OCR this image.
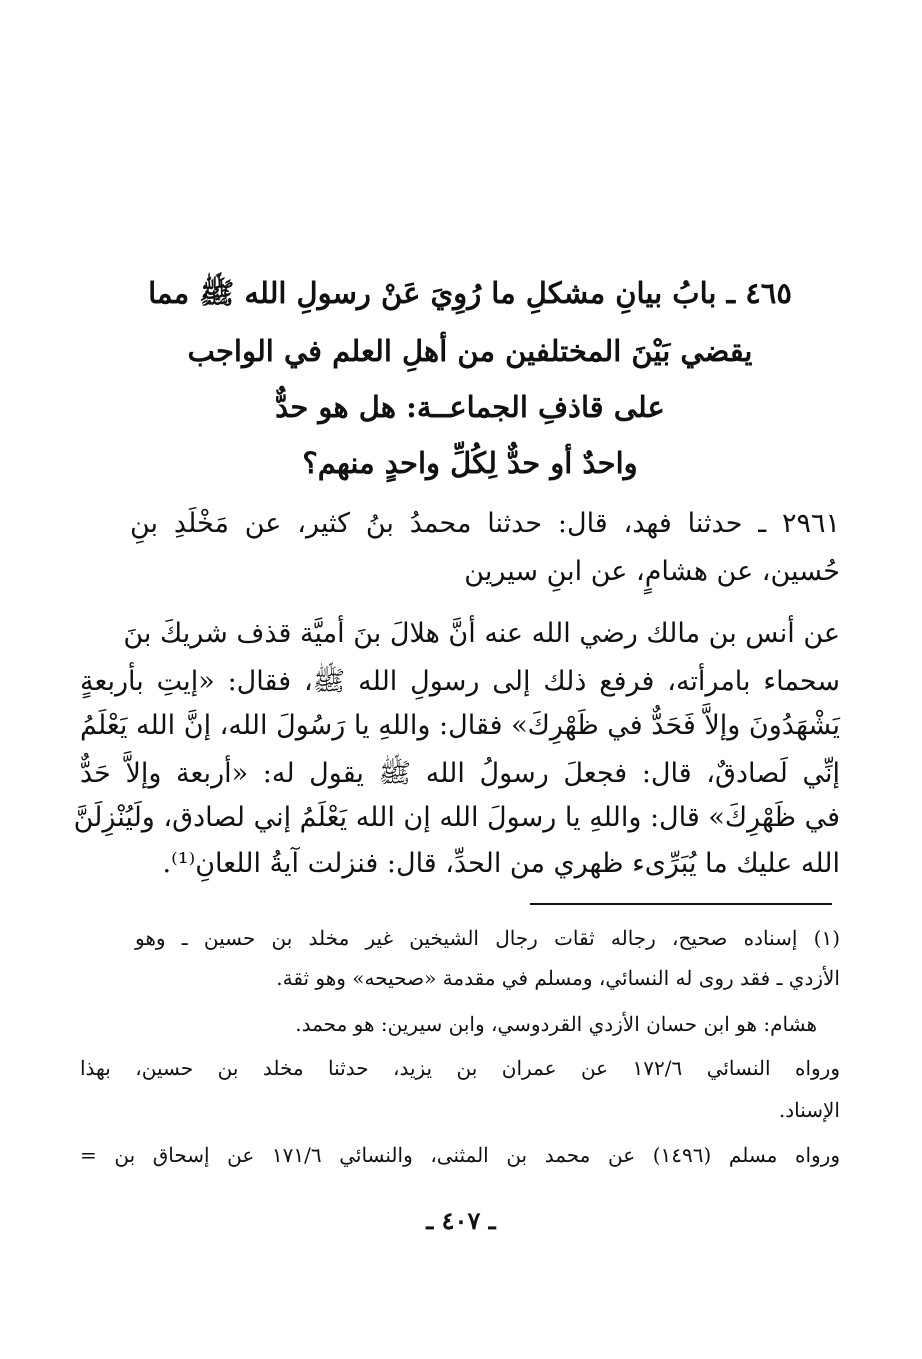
٤٦٥ ـ بابُ بيانِ مشكلِ ما رُوِيَ عَنْ رسولِ الله ﷺ مما
يقضي بَيْنَ المختلفين من أهلِ العلم في الواجب
على قاذفِ الجماعــة: هل هو حدٌّ
واحدٌ أو حدٌّ لِكُلِّ واحدٍ منهم؟
٢٩٦١ ـ حدثنا فهد، قال: حدثنا محمدُ بنُ كثير، عن مَخْلَدِ بنِ
حُسين، عن هشامٍ، عن ابنِ سيرين
عن أنس بن مالك رضي الله عنه أنَّ هلالَ بنَ أميَّة قذف شريكَ بنَ
سحماء بامرأته، فرفع ذلك إلى رسولِ الله ﷺ، فقال: «إيتِ بأربعةٍ
يَشْهَدُونَ وإلاَّ فَحَدٌّ في ظَهْرِكَ» فقال: واللهِ يا رَسُولَ الله، إنَّ الله يَعْلَمُ
إنِّي لَصادقٌ، قال: فجعلَ رسولُ الله ﷺ يقول له: «أربعة وإلاَّ حَدٌّ
في ظَهْرِكَ» قال: واللهِ يا رسولَ الله إن الله يَعْلَمُ إني لصادق، ولَيُنْزِلَنَّ
الله عليك ما يُبَرِّىء ظهري من الحدِّ، قال: فنزلت آيةُ اللعانِ⁽¹⁾.
(١) إسناده صحيح، رجاله ثقات رجال الشيخين غير مخلد بن حسين ـ وهو
الأزدي ـ فقد روى له النسائي، ومسلم في مقدمة «صحيحه» وهو ثقة.
هشام: هو ابن حسان الأزدي القردوسي، وابن سيرين: هو محمد.
ورواه النسائي ١٧٢/٦ عن عمران بن يزيد، حدثنا مخلد بن حسين، بهذا
الإسناد.
ورواه مسلم (١٤٩٦) عن محمد بن المثنى، والنسائي ١٧١/٦ عن إسحاق بن =
ـ ٤٠٧ ـ
